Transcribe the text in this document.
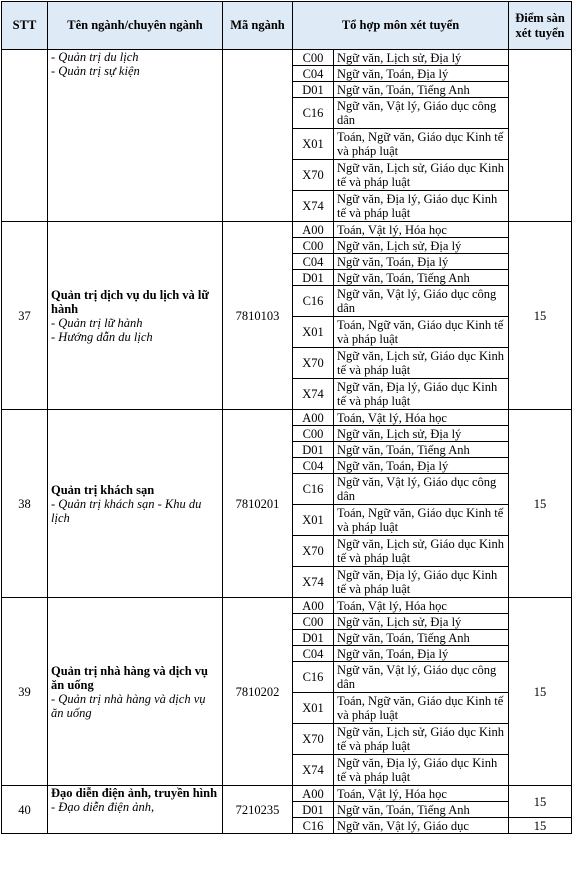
STT	Tên ngành/chuyên ngành	Mã ngành	Tổ hợp môn xét tuyển		Điểm sàn xét tuyển

	- Quản trị du lịch
- Quản trị sự kiện		C00	Ngữ văn, Lịch sử, Địa lý	
			C04	Ngữ văn, Toán, Địa lý	
			D01	Ngữ văn, Toán, Tiếng Anh	
			C16	Ngữ văn, Vật lý, Giáo dục công dân	
			X01	Toán, Ngữ văn, Giáo dục Kinh tế và pháp luật	
			X70	Ngữ văn, Lịch sử, Giáo dục Kinh tế và pháp luật	
			X74	Ngữ văn, Địa lý, Giáo dục Kinh tế và pháp luật	
37	Quản trị dịch vụ du lịch và lữ hành
- Quản trị lữ hành
- Hướng dẫn du lịch	7810103	A00	Toán, Vật lý, Hóa học	15
			C00	Ngữ văn, Lịch sử, Địa lý	
			C04	Ngữ văn, Toán, Địa lý	
			D01	Ngữ văn, Toán, Tiếng Anh	
			C16	Ngữ văn, Vật lý, Giáo dục công dân	
			X01	Toán, Ngữ văn, Giáo dục Kinh tế và pháp luật	
			X70	Ngữ văn, Lịch sử, Giáo dục Kinh tế và pháp luật	
			X74	Ngữ văn, Địa lý, Giáo dục Kinh tế và pháp luật	
38	Quản trị khách sạn
- Quản trị khách sạn - Khu du lịch	7810201	A00	Toán, Vật lý, Hóa học	15
			C00	Ngữ văn, Lịch sử, Địa lý	
			D01	Ngữ văn, Toán, Tiếng Anh	
			C04	Ngữ văn, Toán, Địa lý	
			C16	Ngữ văn, Vật lý, Giáo dục công dân	
			X01	Toán, Ngữ văn, Giáo dục Kinh tế và pháp luật	
			X70	Ngữ văn, Lịch sử, Giáo dục Kinh tế và pháp luật	
			X74	Ngữ văn, Địa lý, Giáo dục Kinh tế và pháp luật	
39	Quản trị nhà hàng và dịch vụ ăn uống
- Quản trị nhà hàng và dịch vụ ăn uống	7810202	A00	Toán, Vật lý, Hóa học	15
			C00	Ngữ văn, Lịch sử, Địa lý	
			D01	Ngữ văn, Toán, Tiếng Anh	
			C04	Ngữ văn, Toán, Địa lý	
			C16	Ngữ văn, Vật lý, Giáo dục công dân	
			X01	Toán, Ngữ văn, Giáo dục Kinh tế và pháp luật	
			X70	Ngữ văn, Lịch sử, Giáo dục Kinh tế và pháp luật	
			X74	Ngữ văn, Địa lý, Giáo dục Kinh tế và pháp luật	
40	Đạo diễn điện ảnh, truyền hình
- Đạo diễn điện ảnh,	7210235	A00	Toán, Vật lý, Hóa học	15
			D01	Ngữ văn, Toán, Tiếng Anh	
			C16	Ngữ văn, Vật lý, Giáo dục	15
